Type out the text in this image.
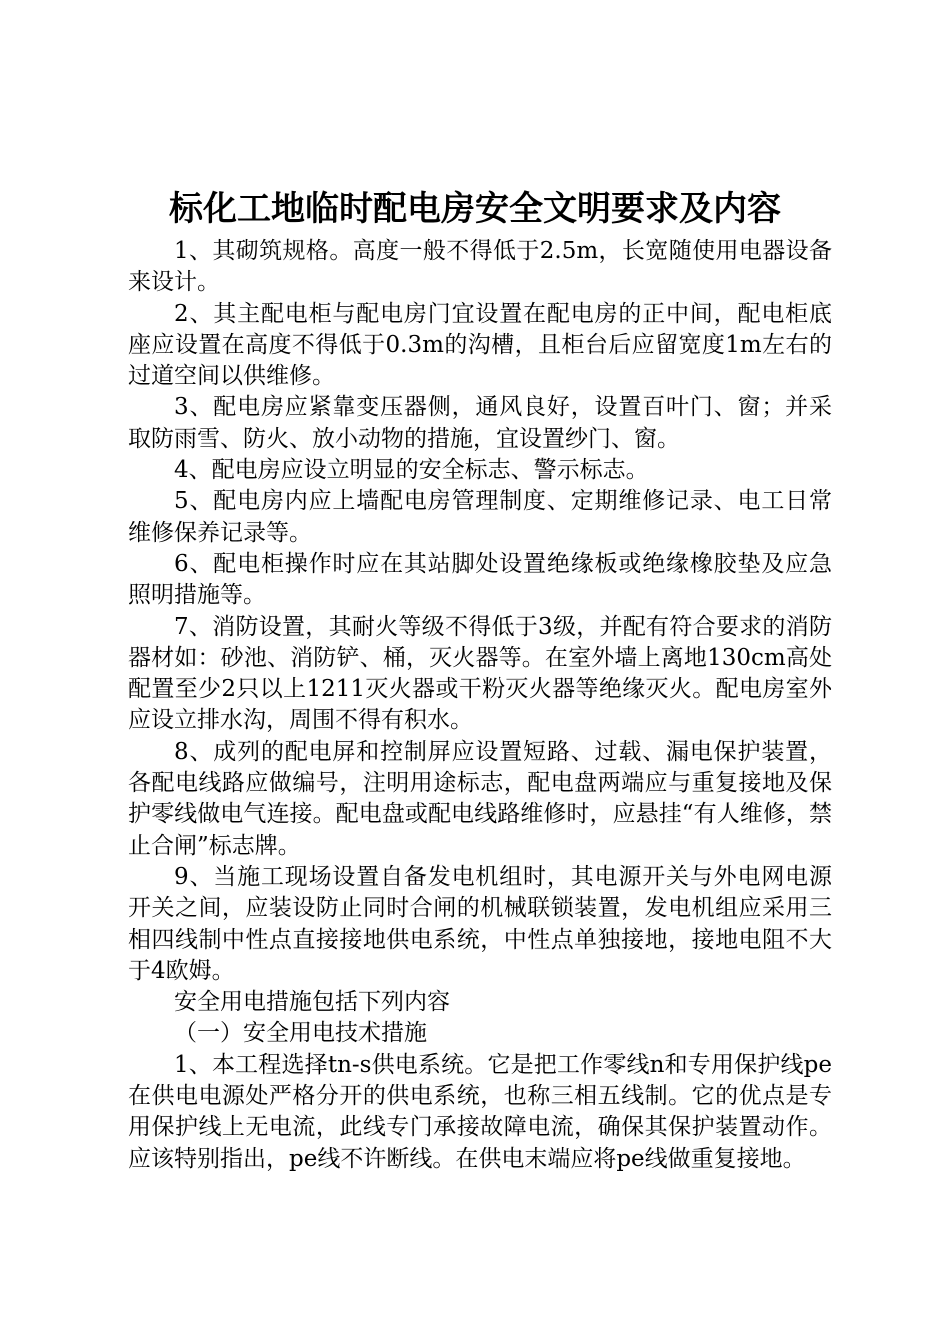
标化工地临时配电房安全文明要求及内容

1、其砌筑规格。高度一般不得低于2.5m，长宽随使用电器设备来设计。

2、其主配电柜与配电房门宜设置在配电房的正中间，配电柜底座应设置在高度不得低于0.3m的沟槽，且柜台后应留宽度1m左右的过道空间以供维修。

3、配电房应紧靠变压器侧，通风良好，设置百叶门、窗；并采取防雨雪、防火、放小动物的措施，宜设置纱门、窗。

4、配电房应设立明显的安全标志、警示标志。

5、配电房内应上墙配电房管理制度、定期维修记录、电工日常维修保养记录等。

6、配电柜操作时应在其站脚处设置绝缘板或绝缘橡胶垫及应急照明措施等。

7、消防设置，其耐火等级不得低于3级，并配有符合要求的消防器材如：砂池、消防铲、桶，灭火器等。在室外墙上离地130cm高处配置至少2只以上1211灭火器或干粉灭火器等绝缘灭火。配电房室外应设立排水沟，周围不得有积水。

8、成列的配电屏和控制屏应设置短路、过载、漏电保护装置，各配电线路应做编号，注明用途标志，配电盘两端应与重复接地及保护零线做电气连接。配电盘或配电线路维修时，应悬挂“有人维修，禁止合闸”标志牌。

9、当施工现场设置自备发电机组时，其电源开关与外电网电源开关之间，应装设防止同时合闸的机械联锁装置，发电机组应采用三相四线制中性点直接接地供电系统，中性点单独接地，接地电阻不大于4欧姆。

安全用电措施包括下列内容

（一）安全用电技术措施

1、本工程选择tn-s供电系统。它是把工作零线n和专用保护线pe在供电电源处严格分开的供电系统，也称三相五线制。它的优点是专用保护线上无电流，此线专门承接故障电流，确保其保护装置动作。应该特别指出，pe线不许断线。在供电末端应将pe线做重复接地。
